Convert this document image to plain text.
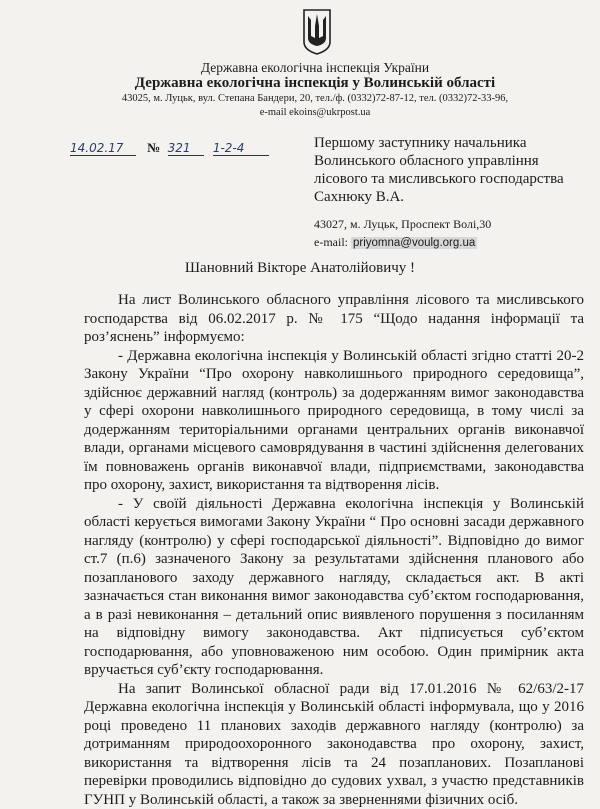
Державна екологічна інспекція України
Державна екологічна інспекція у Волинській області
43025, м. Луцьк, вул. Степана Бандери, 20, тел./ф. (0332)72-87-12, тел. (0332)72-33-96,
e-mail ekoins@ukrpost.ua
14.02.17 № 321 1-2-4	Першому заступнику начальника
Волинського обласного управління
лісового та мисливського господарства
Сахнюку В.А.
43027, м. Луцьк, Проспект Волі,30
e-mail: priyomna@voulg.org.ua
Шановний Вікторе Анатолійовичу !

На лист Волинського обласного управління лісового та мисливського господарства від 06.02.2017 р. № 175 “Щодо надання інформації та роз’яснень” інформуємо:

- Державна екологічна інспекція у Волинській області згідно статті 20-2 Закону України “Про охорону навколишнього природного середовища”, здійснює державний нагляд (контроль) за додержанням вимог законодавства у сфері охорони навколишнього природного середовища, в тому числі за додержанням територіальними органами центральних органів виконавчої влади, органами місцевого самоврядування в частині здійснення делегованих їм повноважень органів виконавчої влади, підприємствами, законодавства про охорону, захист, використання та відтворення лісів.

- У своїй діяльності Державна екологічна інспекція у Волинській області керується вимогами Закону України “ Про основні засади державного нагляду (контролю) у сфері господарської діяльності”. Відповідно до вимог ст.7 (п.6) зазначеного Закону за результатами здійснення планового або позапланового заходу державного нагляду, складається акт. В акті зазначається стан виконання вимог законодавства суб’єктом господарювання, а в разі невиконання – детальний опис виявленого порушення з посиланням на відповідну вимогу законодавства. Акт підписується суб’єктом господарювання, або уповноваженою ним особою. Один примірник акта вручається суб’єкту господарювання.

На запит Волинської обласної ради від 17.01.2016 № 62/63/2-17 Державна екологічна інспекція у Волинській області інформувала, що у 2016 році проведено 11 планових заходів державного нагляду (контролю) за дотриманням природоохоронного законодавства про охорону, захист, використання та відтворення лісів та 24 позапланових. Позапланові перевірки проводились відповідно до судових ухвал, з участю представників ГУНП у Волинській області, а також за зверненнями фізичних осіб.
